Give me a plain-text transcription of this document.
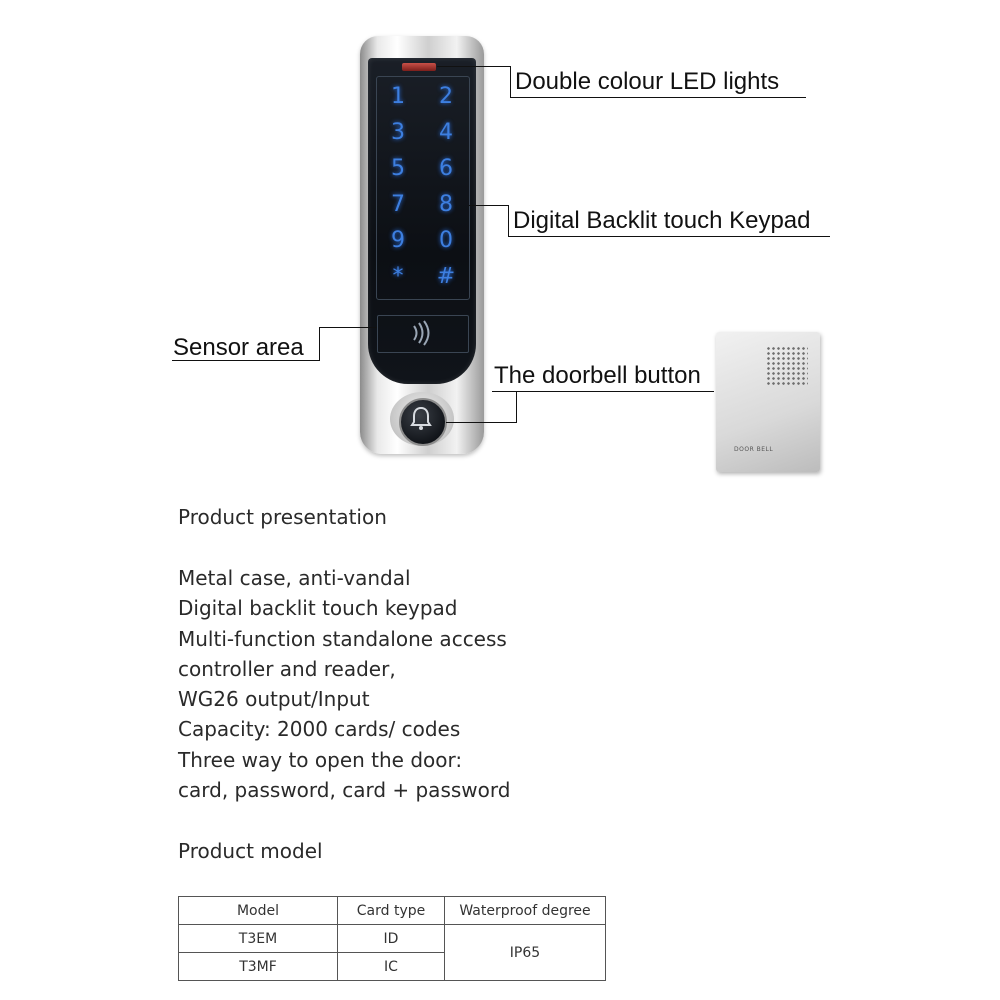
1	2
3	4
5	6
7	8
9	0
*	#
DOOR BELL
Double colour LED lights
Digital Backlit touch Keypad
Sensor area
The doorbell button
Product presentation
Metal case, anti-vandal
Digital backlit touch keypad
Multi-function standalone access
controller and reader,
WG26 output/Input
Capacity: 2000 cards/ codes
Three way to open the door:
card, password, card + password
Product model
Model	Card type	Waterproof degree
T3EM	ID	IP65
T3MF	IC	
